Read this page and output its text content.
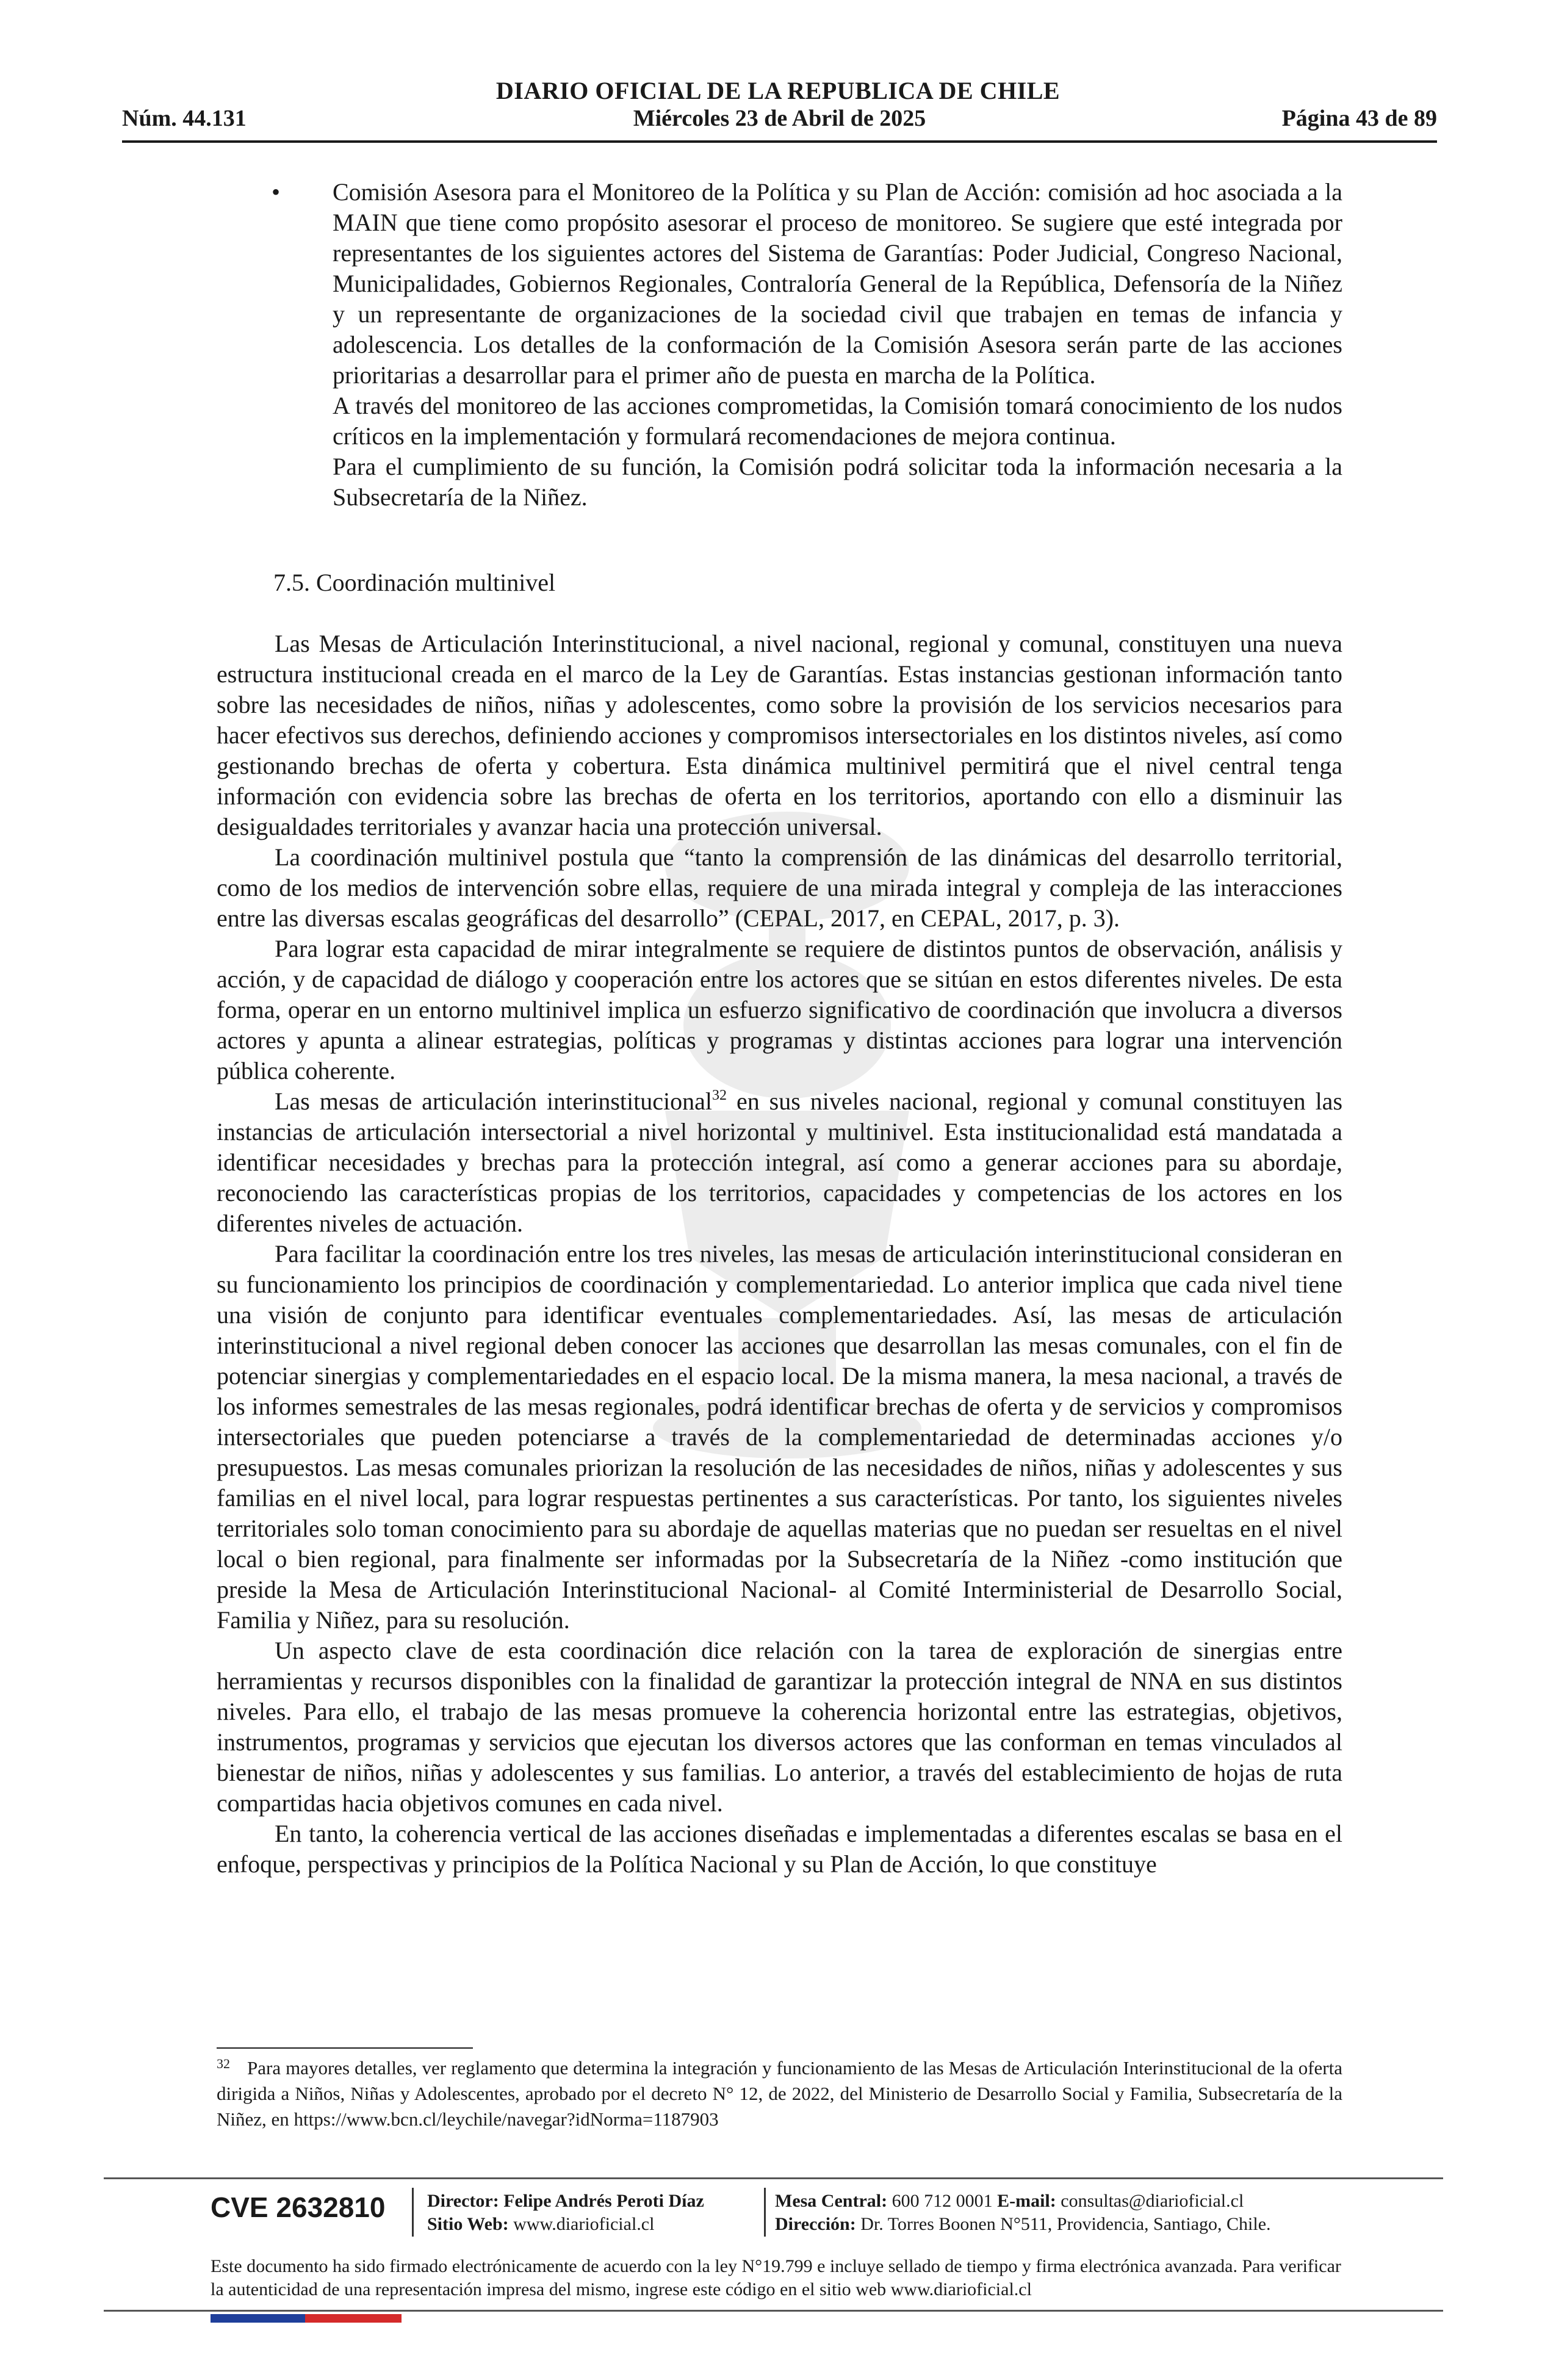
DIARIO OFICIAL DE LA REPUBLICA DE CHILE
Núm. 44.131	Miércoles 23 de Abril de 2025	Página 43 de 89
• Comisión Asesora para el Monitoreo de la Política y su Plan de Acción: comisión ad hoc asociada a la MAIN que tiene como propósito asesorar el proceso de monitoreo. Se sugiere que esté integrada por representantes de los siguientes actores del Sistema de Garantías: Poder Judicial, Congreso Nacional, Municipalidades, Gobiernos Regionales, Contraloría General de la República, Defensoría de la Niñez y un representante de organizaciones de la sociedad civil que trabajen en temas de infancia y adolescencia. Los detalles de la conformación de la Comisión Asesora serán parte de las acciones prioritarias a desarrollar para el primer año de puesta en marcha de la Política.

A través del monitoreo de las acciones comprometidas, la Comisión tomará conocimiento de los nudos críticos en la implementación y formulará recomendaciones de mejora continua.

Para el cumplimiento de su función, la Comisión podrá solicitar toda la información necesaria a la Subsecretaría de la Niñez.

7.5. Coordinación multinivel

Las Mesas de Articulación Interinstitucional, a nivel nacional, regional y comunal, constituyen una nueva estructura institucional creada en el marco de la Ley de Garantías. Estas instancias gestionan información tanto sobre las necesidades de niños, niñas y adolescentes, como sobre la provisión de los servicios necesarios para hacer efectivos sus derechos, definiendo acciones y compromisos intersectoriales en los distintos niveles, así como gestionando brechas de oferta y cobertura. Esta dinámica multinivel permitirá que el nivel central tenga información con evidencia sobre las brechas de oferta en los territorios, aportando con ello a disminuir las desigualdades territoriales y avanzar hacia una protección universal.

La coordinación multinivel postula que “tanto la comprensión de las dinámicas del desarrollo territorial, como de los medios de intervención sobre ellas, requiere de una mirada integral y compleja de las interacciones entre las diversas escalas geográficas del desarrollo” (CEPAL, 2017, en CEPAL, 2017, p. 3).

Para lograr esta capacidad de mirar integralmente se requiere de distintos puntos de observación, análisis y acción, y de capacidad de diálogo y cooperación entre los actores que se sitúan en estos diferentes niveles. De esta forma, operar en un entorno multinivel implica un esfuerzo significativo de coordinación que involucra a diversos actores y apunta a alinear estrategias, políticas y programas y distintas acciones para lograr una intervención pública coherente.

Las mesas de articulación interinstitucional$^{32}$ en sus niveles nacional, regional y comunal constituyen las instancias de articulación intersectorial a nivel horizontal y multinivel. Esta institucionalidad está mandatada a identificar necesidades y brechas para la protección integral, así como a generar acciones para su abordaje, reconociendo las características propias de los territorios, capacidades y competencias de los actores en los diferentes niveles de actuación.

Para facilitar la coordinación entre los tres niveles, las mesas de articulación interinstitucional consideran en su funcionamiento los principios de coordinación y complementariedad. Lo anterior implica que cada nivel tiene una visión de conjunto para identificar eventuales complementariedades. Así, las mesas de articulación interinstitucional a nivel regional deben conocer las acciones que desarrollan las mesas comunales, con el fin de potenciar sinergias y complementariedades en el espacio local. De la misma manera, la mesa nacional, a través de los informes semestrales de las mesas regionales, podrá identificar brechas de oferta y de servicios y compromisos intersectoriales que pueden potenciarse a través de la complementariedad de determinadas acciones y/o presupuestos. Las mesas comunales priorizan la resolución de las necesidades de niños, niñas y adolescentes y sus familias en el nivel local, para lograr respuestas pertinentes a sus características. Por tanto, los siguientes niveles territoriales solo toman conocimiento para su abordaje de aquellas materias que no puedan ser resueltas en el nivel local o bien regional, para finalmente ser informadas por la Subsecretaría de la Niñez -como institución que preside la Mesa de Articulación Interinstitucional Nacional- al Comité Interministerial de Desarrollo Social, Familia y Niñez, para su resolución.

Un aspecto clave de esta coordinación dice relación con la tarea de exploración de sinergias entre herramientas y recursos disponibles con la finalidad de garantizar la protección integral de NNA en sus distintos niveles. Para ello, el trabajo de las mesas promueve la coherencia horizontal entre las estrategias, objetivos, instrumentos, programas y servicios que ejecutan los diversos actores que las conforman en temas vinculados al bienestar de niños, niñas y adolescentes y sus familias. Lo anterior, a través del establecimiento de hojas de ruta compartidas hacia objetivos comunes en cada nivel.

En tanto, la coherencia vertical de las acciones diseñadas e implementadas a diferentes escalas se basa en el enfoque, perspectivas y principios de la Política Nacional y su Plan de Acción, lo que constituye

$^{32}$ Para mayores detalles, ver reglamento que determina la integración y funcionamiento de las Mesas de Articulación Interinstitucional de la oferta dirigida a Niños, Niñas y Adolescentes, aprobado por el decreto N° 12, de 2022, del Ministerio de Desarrollo Social y Familia, Subsecretaría de la Niñez, en https://www.bcn.cl/leychile/navegar?idNorma=1187903
CVE 2632810 Director: Felipe Andrés Peroti Díaz
Sitio Web: www.diarioficial.cl
Mesa Central: 600 712 0001 E-mail: consultas@diarioficial.cl
Dirección: Dr. Torres Boonen N°511, Providencia, Santiago, Chile.
Este documento ha sido firmado electrónicamente de acuerdo con la ley N°19.799 e incluye sellado de tiempo y firma electrónica avanzada. Para verificar la autenticidad de una representación impresa del mismo, ingrese este código en el sitio web www.diarioficial.cl
